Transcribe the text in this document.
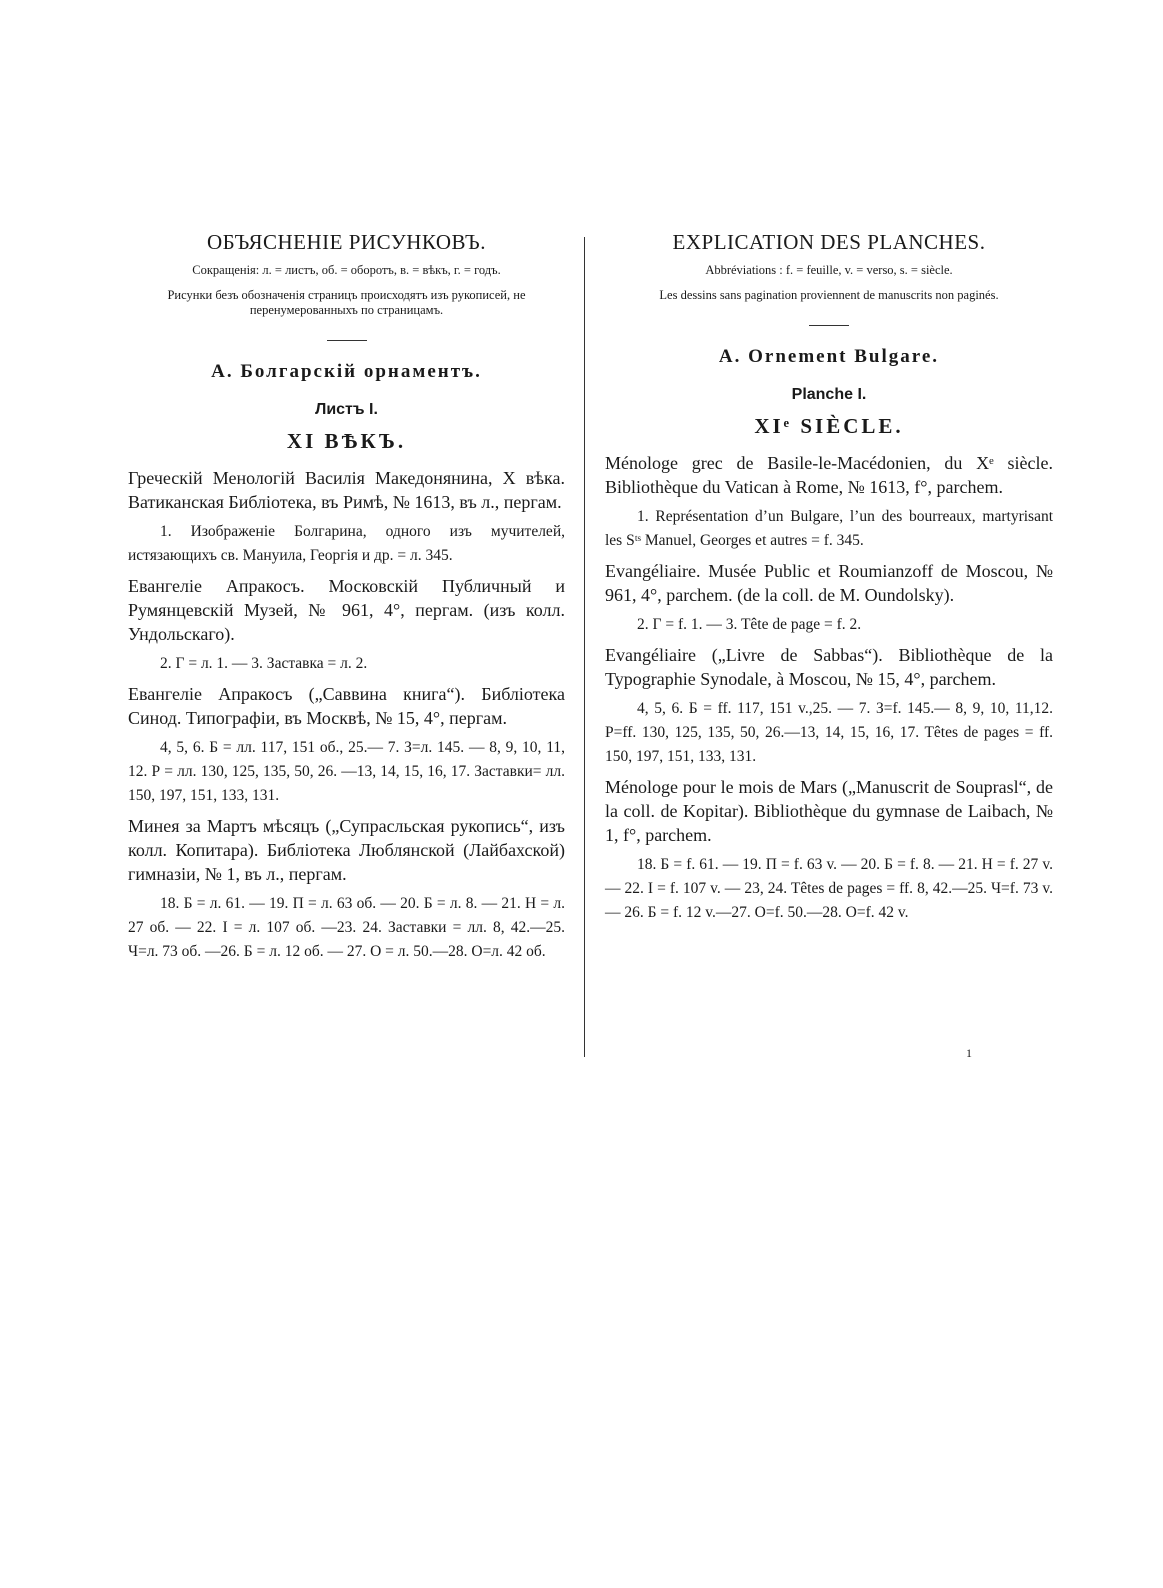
ОБЪЯСНЕНІЕ РИСУНКОВЪ.
Сокращенія: л. = листъ, об. = оборотъ, в. = вѣкъ, г. = годъ.
Рисунки безъ обозначенія страницъ происходятъ изъ рукописей, не перенумерованныхъ по страницамъ.
А. Болгарскій орнаментъ.
Листъ I.
XI ВѢКЪ.

Греческій Менологій Василія Македонянина, X вѣка. Ватиканская Библіотека, въ Римѣ, № 1613, въ л., пергам.

1. Изображеніе Болгарина, одного изъ мучителей, истязающихъ св. Мануила, Георгія и др. = л. 345.

Евангеліе Апракосъ. Московскій Публичный и Румянцевскій Музей, № 961, 4°, пергам. (изъ колл. Ундольскаго).

2. Г = л. 1. — 3. Заставка = л. 2.

Евангеліе Апракосъ („Саввина книга“). Библіотека Синод. Типографіи, въ Москвѣ, № 15, 4°, пергам.

4, 5, 6. Б = лл. 117, 151 об., 25.— 7. З=л. 145. — 8, 9, 10, 11, 12. Р = лл. 130, 125, 135, 50, 26. —13, 14, 15, 16, 17. Заставки= лл. 150, 197, 151, 133, 131.

Минея за Мартъ мѣсяцъ („Супрасльская рукопись“, изъ колл. Копитара). Библіотека Люблянской (Лайбахской) гимназіи, № 1, въ л., пергам.

18. Б = л. 61. — 19. П = л. 63 об. — 20. Б = л. 8. — 21. Н = л. 27 об. — 22. I = л. 107 об. —23. 24. Заставки = лл. 8, 42.—25. Ч=л. 73 об. —26. Б = л. 12 об. — 27. О = л. 50.—28. О=л. 42 об.

EXPLICATION DES PLANCHES.
Abbréviations : f. = feuille, v. = verso, s. = siècle.
Les dessins sans pagination proviennent de manuscrits non paginés.
A. Ornement Bulgare.
Planche I.
XIᵉ SIÈCLE.

Ménologe grec de Basile-le-Macédonien, du Xᵉ siècle. Bibliothèque du Vatican à Rome, № 1613, f°, parchem.

1. Représentation d’un Bulgare, l’un des bourreaux, martyrisant les Sᵗˢ Manuel, Georges et autres = f. 345.

Evangéliaire. Musée Public et Roumianzoff de Moscou, № 961, 4°, parchem. (de la coll. de M. Oundolsky).

2. Г = f. 1. — 3. Tête de page = f. 2.

Evangéliaire („Livre de Sabbas“). Bibliothèque de la Typographie Synodale, à Moscou, № 15, 4°, parchem.

4, 5, 6. Б = ff. 117, 151 v.,25. — 7. З=f. 145.— 8, 9, 10, 11,12. Р=ff. 130, 125, 135, 50, 26.—13, 14, 15, 16, 17. Têtes de pages = ff. 150, 197, 151, 133, 131.

Ménologe pour le mois de Mars („Manuscrit de Souprasl“, de la coll. de Kopitar). Bibliothèque du gymnase de Laibach, № 1, f°, parchem.

18. Б = f. 61. — 19. П = f. 63 v. — 20. Б = f. 8. — 21. Н = f. 27 v. — 22. I = f. 107 v. — 23, 24. Têtes de pages = ff. 8, 42.—25. Ч=f. 73 v.— 26. Б = f. 12 v.—27. О=f. 50.—28. О=f. 42 v.

1
